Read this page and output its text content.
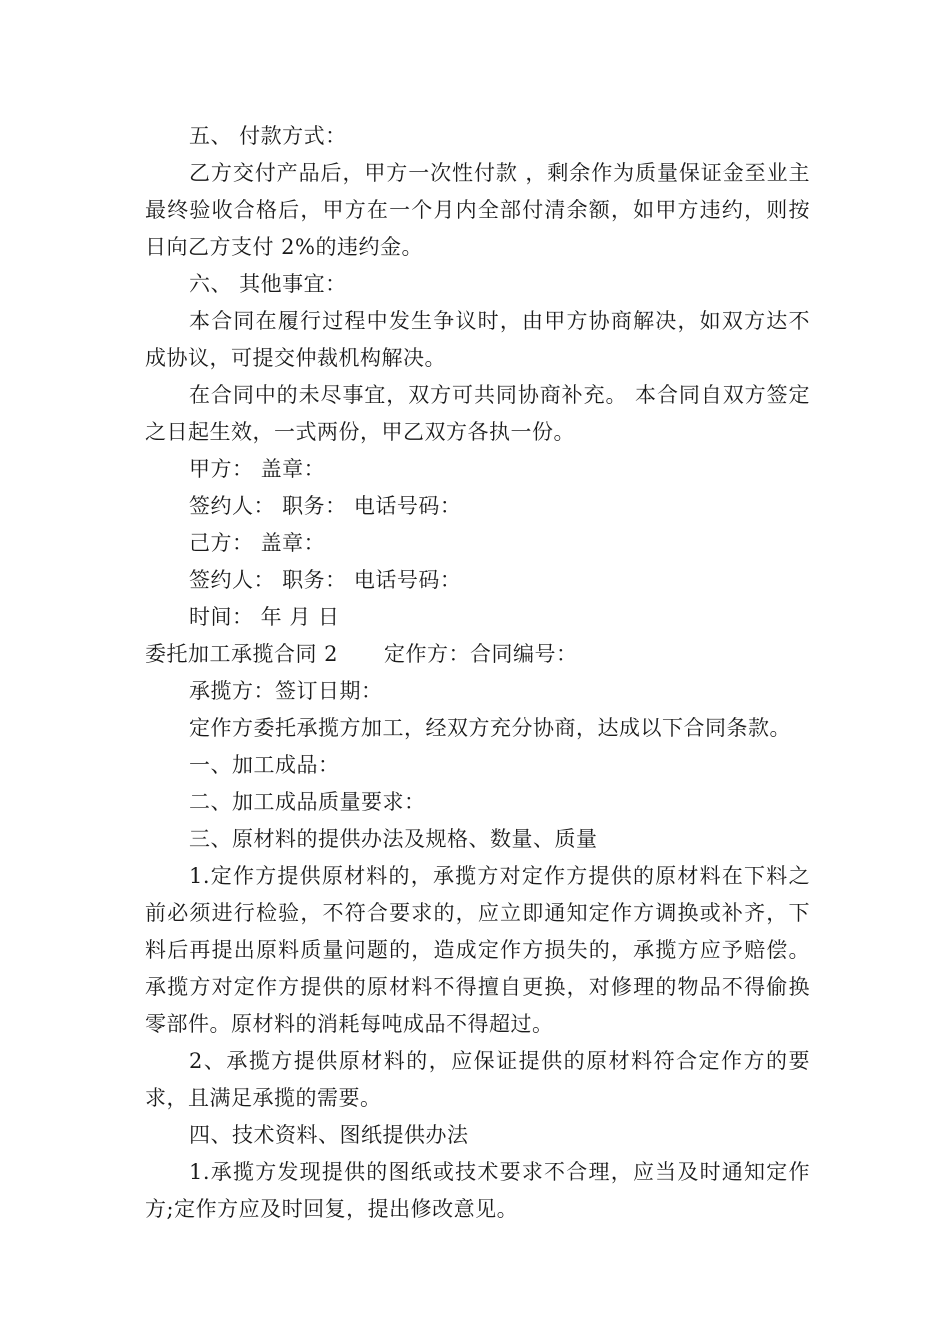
五、 付款方式：

乙方交付产品后，甲方一次性付款 ，剩余作为质量保证金至业主最终验收合格后，甲方在一个月内全部付清余额，如甲方违约，则按日向乙方支付 2%的违约金。

六、 其他事宜：

本合同在履行过程中发生争议时，由甲方协商解决，如双方达不成协议，可提交仲裁机构解决。

在合同中的未尽事宜，双方可共同协商补充。 本合同自双方签定之日起生效，一式两份，甲乙双方各执一份。

甲方： 盖章：

签约人： 职务： 电话号码：

己方： 盖章：

签约人： 职务： 电话号码：

时间： 年 月 日

委托加工承揽合同 2 定作方：合同编号：

承揽方：签订日期：

定作方委托承揽方加工，经双方充分协商，达成以下合同条款。

一、加工成品：

二、加工成品质量要求：

三、原材料的提供办法及规格、数量、质量

1.定作方提供原材料的，承揽方对定作方提供的原材料在下料之前必须进行检验，不符合要求的，应立即通知定作方调换或补齐，下料后再提出原料质量问题的，造成定作方损失的，承揽方应予赔偿。承揽方对定作方提供的原材料不得擅自更换，对修理的物品不得偷换零部件。原材料的消耗每吨成品不得超过。

2、承揽方提供原材料的，应保证提供的原材料符合定作方的要求，且满足承揽的需要。

四、技术资料、图纸提供办法

1.承揽方发现提供的图纸或技术要求不合理，应当及时通知定作方;定作方应及时回复，提出修改意见。
